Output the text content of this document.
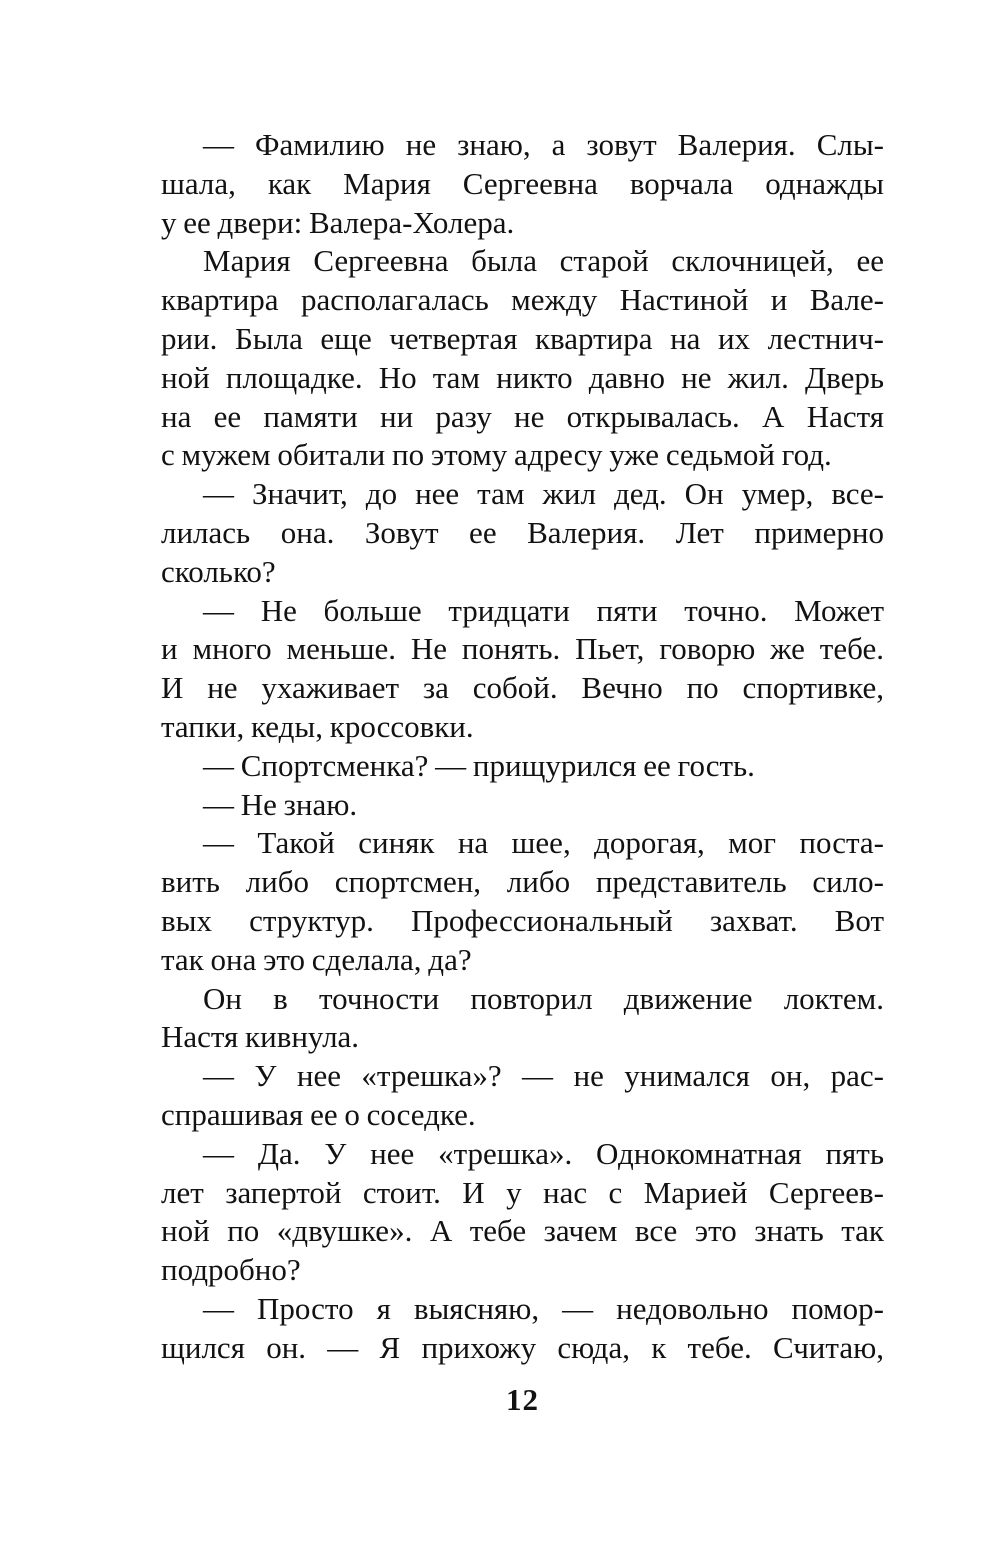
— Фамилию не знаю, а зовут Валерия. Слы-
шала, как Мария Сергеевна ворчала однажды
у ее двери: Валера-Холера.
Мария Сергеевна была старой склочницей, ее
квартира располагалась между Настиной и Вале-
рии. Была еще четвертая квартира на их лестнич-
ной площадке. Но там никто давно не жил. Дверь
на ее памяти ни разу не открывалась. А Настя
с мужем обитали по этому адресу уже седьмой год.
— Значит, до нее там жил дед. Он умер, все-
лилась она. Зовут ее Валерия. Лет примерно
сколько?
— Не больше тридцати пяти точно. Может
и много меньше. Не понять. Пьет, говорю же тебе.
И не ухаживает за собой. Вечно по спортивке,
тапки, кеды, кроссовки.
— Спортсменка? — прищурился ее гость.
— Не знаю.
— Такой синяк на шее, дорогая, мог поста-
вить либо спортсмен, либо представитель сило-
вых структур. Профессиональный захват. Вот
так она это сделала, да?
Он в точности повторил движение локтем.
Настя кивнула.
— У нее «трешка»? — не унимался он, рас-
спрашивая ее о соседке.
— Да. У нее «трешка». Однокомнатная пять
лет запертой стоит. И у нас с Марией Сергеев-
ной по «двушке». А тебе зачем все это знать так
подробно?
— Просто я выясняю, — недовольно помор-
щился он. — Я прихожу сюда, к тебе. Считаю,
12
